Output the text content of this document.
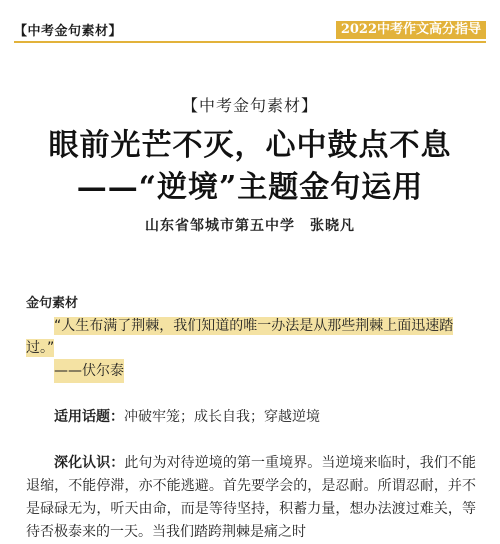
【中考金句素材】	2022中考作文高分指导
【中考金句素材】
眼前光芒不灭，心中鼓点不息
——“逆境”主题金句运用
山东省邹城市第五中学　张晓凡
金句素材
“人生布满了荆棘，我们知道的唯一办法是从那些荆棘上面迅速踏过。”
——伏尔泰
适用话题：冲破牢笼；成长自我；穿越逆境
深化认识：此句为对待逆境的第一重境界。当逆境来临时，我们不能退缩，不能停滞，亦不能逃避。首先要学会的，是忍耐。所谓忍耐，并不是碌碌无为，听天由命，而是等待坚持，积蓄力量，想办法渡过难关，等待否极泰来的一天。当我们踏跨荆棘是痛之时
